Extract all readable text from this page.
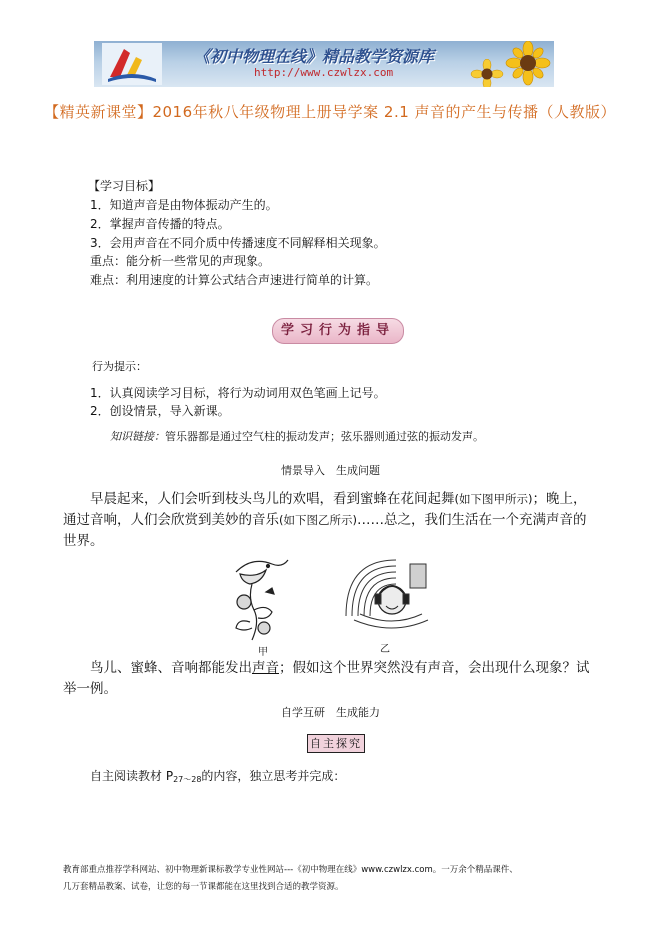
《初中物理在线》精品教学资源库
http://www.czwlzx.com
【精英新课堂】2016年秋八年级物理上册导学案 2.1 声音的产生与传播（人教版）
【学习目标】
1．知道声音是由物体振动产生的。
2．掌握声音传播的特点。
3．会用声音在不同介质中传播速度不同解释相关现象。
重点：能分析一些常见的声现象。
难点：利用速度的计算公式结合声速进行简单的计算。
学习行为指导
行为提示：
1．认真阅读学习目标，将行为动词用双色笔画上记号。
2．创设情景，导入新课。
知识链接：管乐器都是通过空气柱的振动发声；弦乐器则通过弦的振动发声。
情景导入　生成问题
早晨起来，人们会听到枝头鸟儿的欢唱，看到蜜蜂在花间起舞(如下图甲所示)；晚上，通过音响，人们会欣赏到美妙的音乐(如下图乙所示)……总之，我们生活在一个充满声音的世界。
甲	乙
鸟儿、蜜蜂、音响都能发出声音；假如这个世界突然没有声音，会出现什么现象？试举一例。
自学互研　生成能力
自主探究
自主阅读教材 $P_{27\sim 28}$的内容，独立思考并完成：
教育部重点推荐学科网站、初中物理新课标教学专业性网站---《初中物理在线》www.czwlzx.com。一万余个精品课件、
几万套精品教案、试卷，让您的每一节课都能在这里找到合适的教学资源。
